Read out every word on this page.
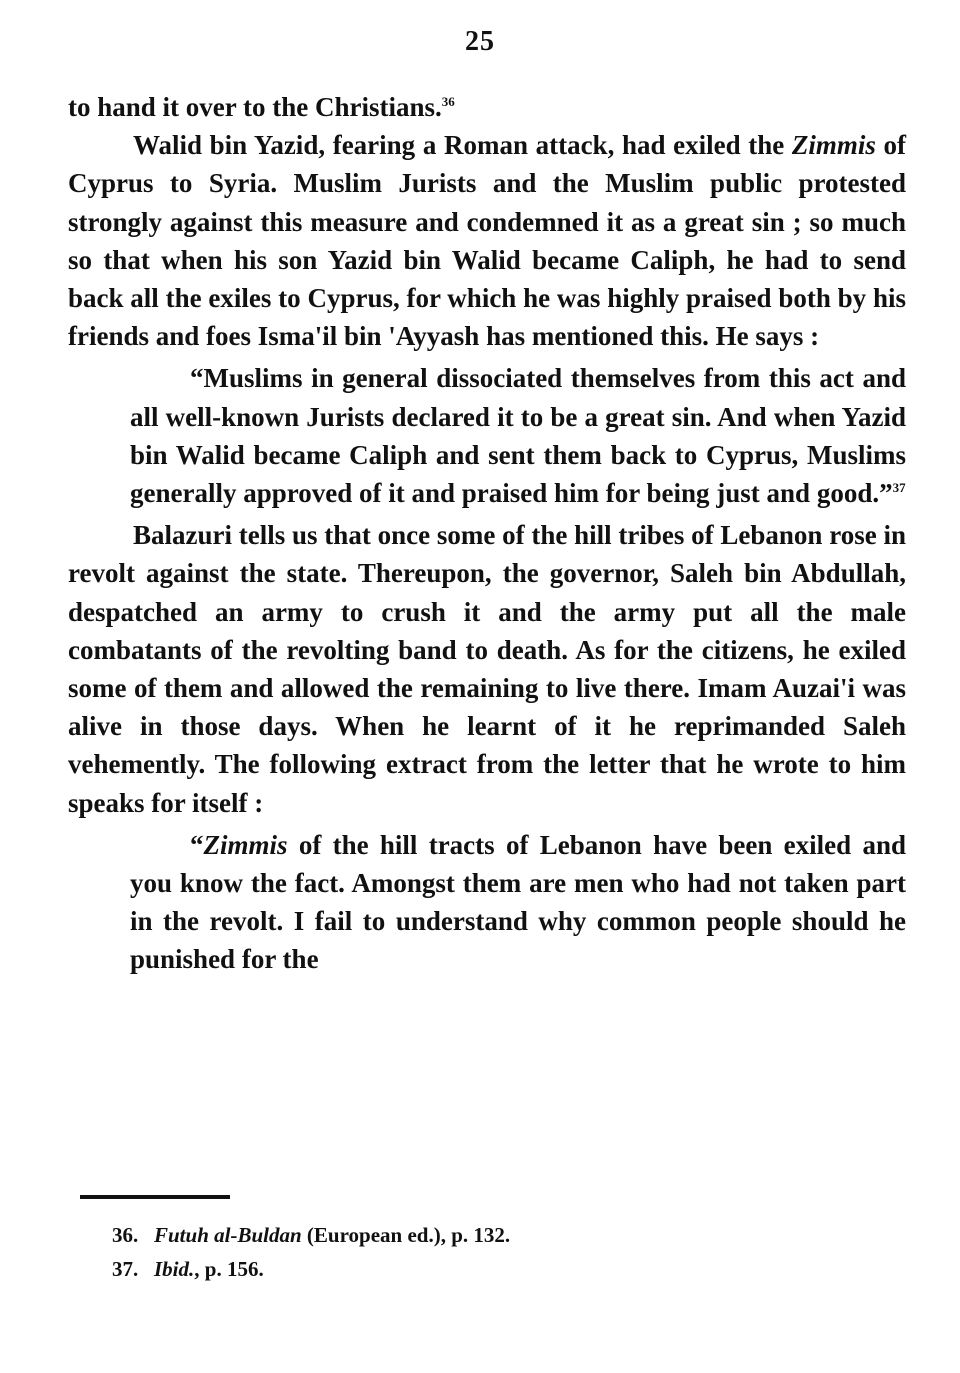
25

to hand it over to the Christians.$^{36}$

Walid bin Yazid, fearing a Roman attack, had exiled the Zimmis of Cyprus to Syria. Muslim Jurists and the Muslim public protested strongly against this measure and condemned it as a great sin ; so much so that when his son Yazid bin Walid became Caliph, he had to send back all the exiles to Cyprus, for which he was highly praised both by his friends and foes Isma'il bin 'Ayyash has mentioned this. He says :

“Muslims in general dissociated themselves from this act and all well-known Jurists declared it to be a great sin. And when Yazid bin Walid became Caliph and sent them back to Cyprus, Muslims generally approved of it and praised him for being just and good.”$^{37}$

Balazuri tells us that once some of the hill tribes of Lebanon rose in revolt against the state. Thereupon, the governor, Saleh bin Abdullah, despatched an army to crush it and the army put all the male combatants of the revolting band to death. As for the citizens, he exiled some of them and allowed the remaining to live there. Imam Auzai'i was alive in those days. When he learnt of it he reprimanded Saleh vehemently. The following extract from the letter that he wrote to him speaks for itself :

“Zimmis of the hill tracts of Lebanon have been exiled and you know the fact. Amongst them are men who had not taken part in the revolt. I fail to understand why common people should he punished for the

36. Futuh al-Buldan (European ed.), p. 132.

37. Ibid., p. 156.
